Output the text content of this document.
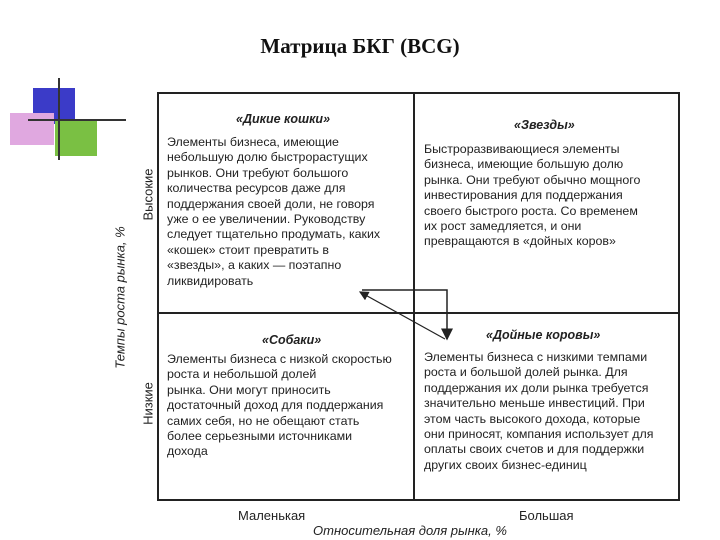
Матрица БКГ (BCG)
«Дикие кошки»
Элементы бизнеса, имеющие
небольшую долю быстрорастущих
рынков. Они требуют большого
количества ресурсов даже для
поддержания своей доли, не говоря
уже о ее увеличении. Руководству
следует тщательно продумать, каких
«кошек» стоит превратить в
«звезды», а каких — поэтапно
ликвидировать
«Звезды»
Быстроразвивающиеся элементы
бизнеса, имеющие большую долю
рынка. Они требуют обычно мощного
инвестирования для поддержания
своего быстрого роста. Со временем
их рост замедляется, и они
превращаются в «дойных коров»
«Собаки»
Элементы бизнеса с низкой скоростью
роста и небольшой долей
рынка. Они могут приносить
достаточный доход для поддержания
самих себя, но не обещают стать
более серьезными источниками
дохода
«Дойные коровы»
Элементы бизнеса с низкими темпами
роста и большой долей рынка. Для
поддержания их доли рынка требуется
значительно меньше инвестиций. При
этом часть высокого дохода, которые
они приносят, компания использует для
оплаты своих счетов и для поддержки
других своих бизнес-единиц
Высокие
Низкие
Темпы роста рынка, %
Маленькая	Большая
Относительная доля рынка, %
